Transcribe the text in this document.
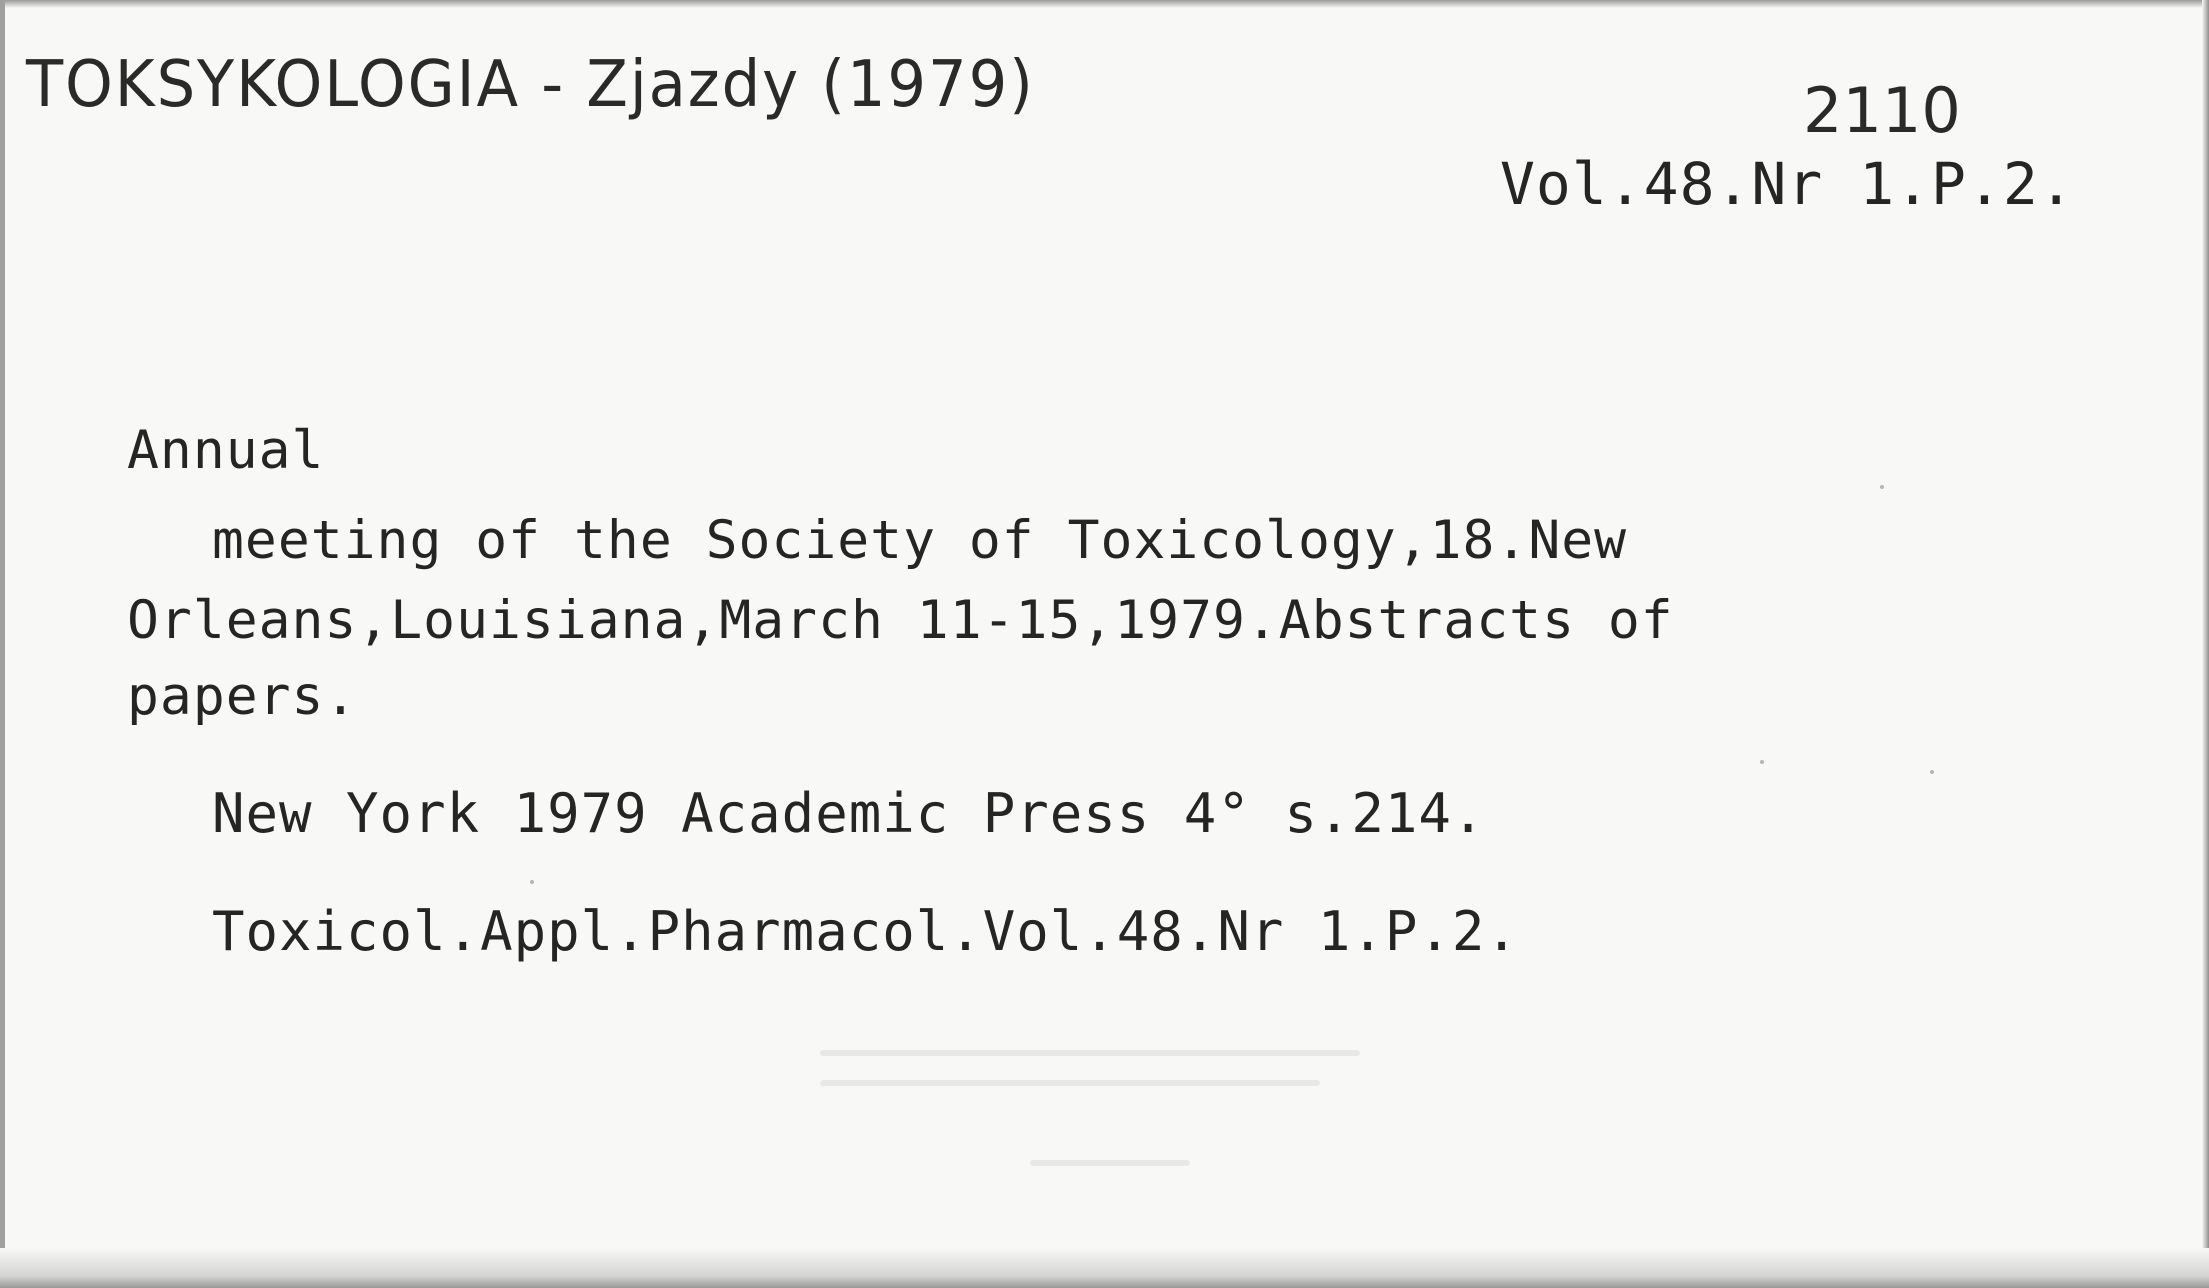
TOKSYKOLOGIA - Zjazdy (1979)	2110
Vol.48.Nr 1.P.2.
Annual
meeting of the Society of Toxicology,18.New
Orleans,Louisiana,March 11-15,1979.Abstracts of
papers.
New York 1979 Academic Press 4° s.214.
Toxicol.Appl.Pharmacol.Vol.48.Nr 1.P.2.
